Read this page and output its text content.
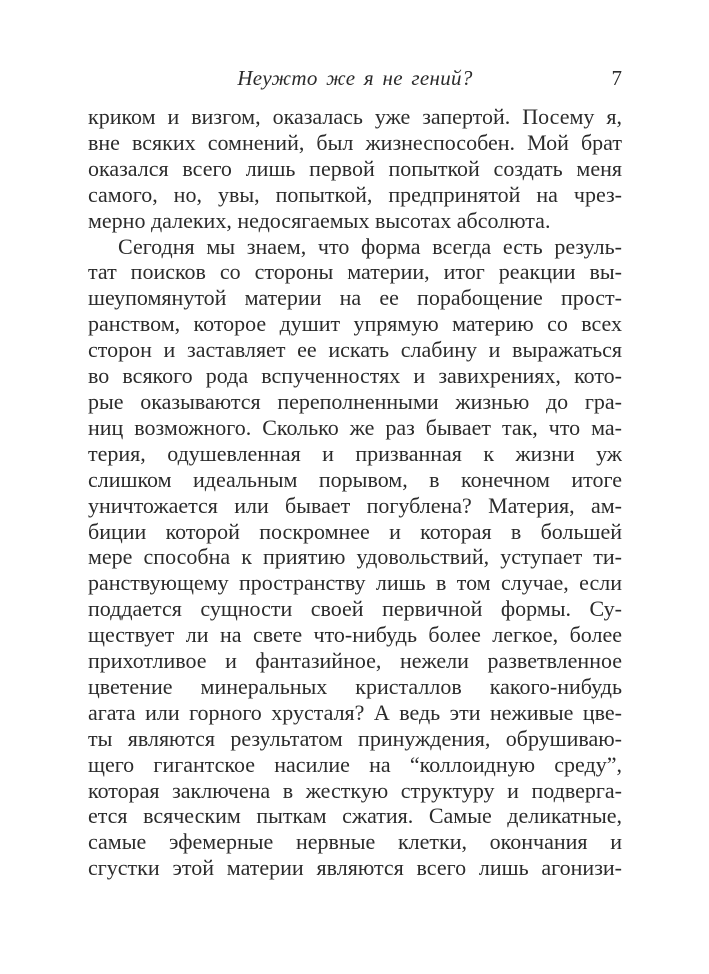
Неужто же я не гений?	7
криком и визгом, оказалась уже запертой. Посему я,
вне всяких сомнений, был жизнеспособен. Мой брат
оказался всего лишь первой попыткой создать меня
самого, но, увы, попыткой, предпринятой на чрез-
мерно далеких, недосягаемых высотах абсолюта.
Сегодня мы знаем, что форма всегда есть резуль-
тат поисков со стороны материи, итог реакции вы-
шеупомянутой материи на ее порабощение прост-
ранством, которое душит упрямую материю со всех
сторон и заставляет ее искать слабину и выражаться
во всякого рода вспученностях и завихрениях, кото-
рые оказываются переполненными жизнью до гра-
ниц возможного. Сколько же раз бывает так, что ма-
терия, одушевленная и призванная к жизни уж
слишком идеальным порывом, в конечном итоге
уничтожается или бывает погублена? Материя, ам-
биции которой поскромнее и которая в большей
мере способна к приятию удовольствий, уступает ти-
ранствующему пространству лишь в том случае, если
поддается сущности своей первичной формы. Су-
ществует ли на свете что-нибудь более легкое, более
прихотливое и фантазийное, нежели разветвленное
цветение минеральных кристаллов какого-нибудь
агата или горного хрусталя? А ведь эти неживые цве-
ты являются результатом принуждения, обрушиваю-
щего гигантское насилие на “коллоидную среду”,
которая заключена в жесткую структуру и подверга-
ется всяческим пыткам сжатия. Самые деликатные,
самые эфемерные нервные клетки, окончания и
сгустки этой материи являются всего лишь агонизи-
